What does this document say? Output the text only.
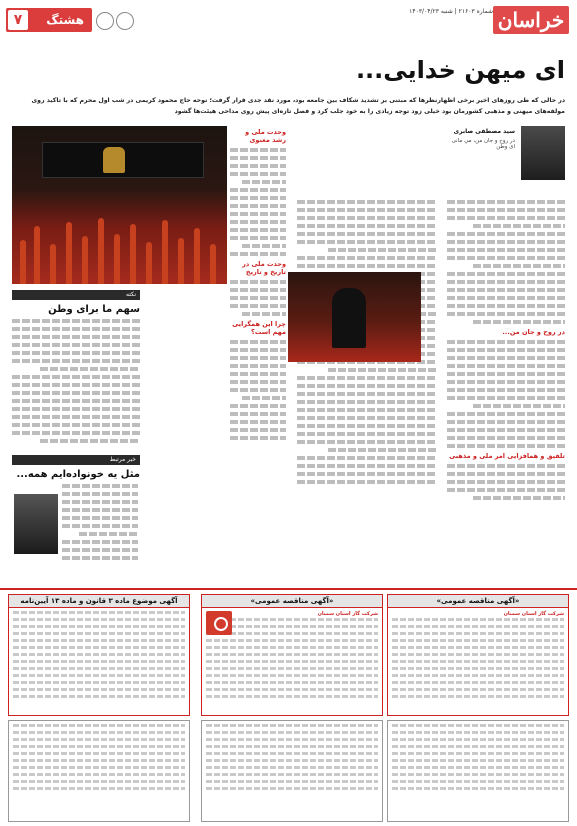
خراسان
شماره ۲۱۶۰۳ | شنبه ۱۴۰۳/۰۴/۲۳
۷	هشتگ
ای میهن خدایی...
در حالی که طی روزهای اخیر برخی اظهارنظرها که مبتنی بر تشدید شکاف بین جامعه بود، مورد نقد جدی قرار گرفت؛ نوحه حاج محمود کریمی در شب اول محرم که با تاکید روی مولفه‌های میهنی و مذهبی کشورمان بود خیلی زود توجه زیادی را به خود جلب کرد و فصل تازه‌ای پیش روی مداحی هیئت‌ها گشود
سید مصطفی صابری
در روح و جان من، میِ مانی ای وطن
در روح و جان من...
تلفیق و همافزایی امر ملی و مذهبی
وحدت ملی و رشد معنوی
وحدت ملی در تاریخ و تاریخ
چرا این همگرایی مهم است؟
نکته
سهم ما برای وطن
خبر مرتبط
مثل یه خونواده‌ایم همه...
«آگهی مناقصه عمومی»
شرکت گاز استان سمنان
«آگهی مناقصه عمومی»
شرکت گاز استان سمنان
آگهی موضوع ماده ۳ قانون و ماده ۱۳ آیین‌نامه
